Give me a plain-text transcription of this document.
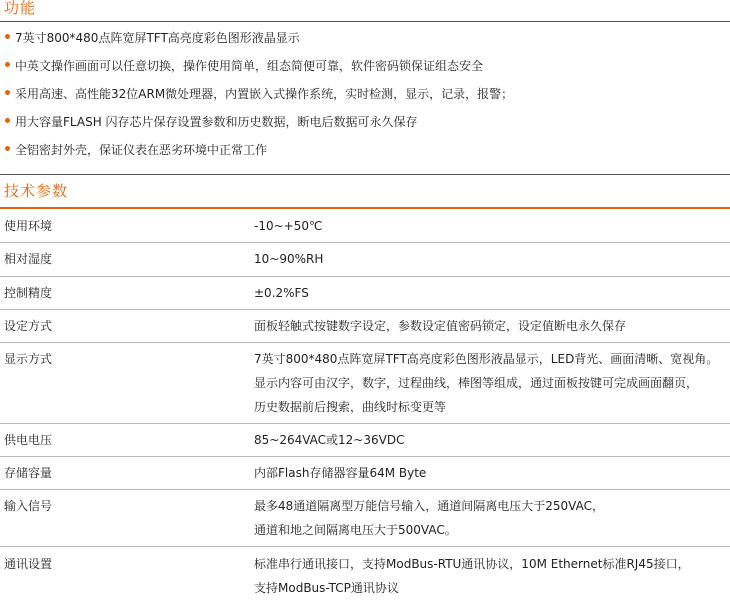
功能
7英寸800*480点阵宽屏TFT高亮度彩色图形液晶显示
中英文操作画面可以任意切换，操作使用简单，组态简便可靠，软件密码锁保证组态安全
采用高速、高性能32位ARM微处理器，内置嵌入式操作系统，实时检测，显示，记录，报警；
用大容量FLASH 闪存芯片保存设置参数和历史数据，断电后数据可永久保存
全铝密封外壳，保证仪表在恶劣环境中正常工作
技术参数
使用环境	-10~+50℃
相对湿度	10~90%RH
控制精度	±0.2%FS
设定方式	面板轻触式按键数字设定，参数设定值密码锁定，设定值断电永久保存
显示方式	7英寸800*480点阵宽屏TFT高亮度彩色图形液晶显示，LED背光、画面清晰、宽视角。
显示内容可由汉字，数字，过程曲线，棒图等组成，通过面板按键可完成画面翻页，
历史数据前后搜索，曲线时标变更等
供电电压	85~264VAC或12~36VDC
存储容量	内部Flash存储器容量64M Byte
输入信号	最多48通道隔离型万能信号输入，通道间隔离电压大于250VAC，
通道和地之间隔离电压大于500VAC。
通讯设置	标准串行通讯接口，支持ModBus-RTU通讯协议，10M Ethernet标准RJ45接口，
支持ModBus-TCP通讯协议
